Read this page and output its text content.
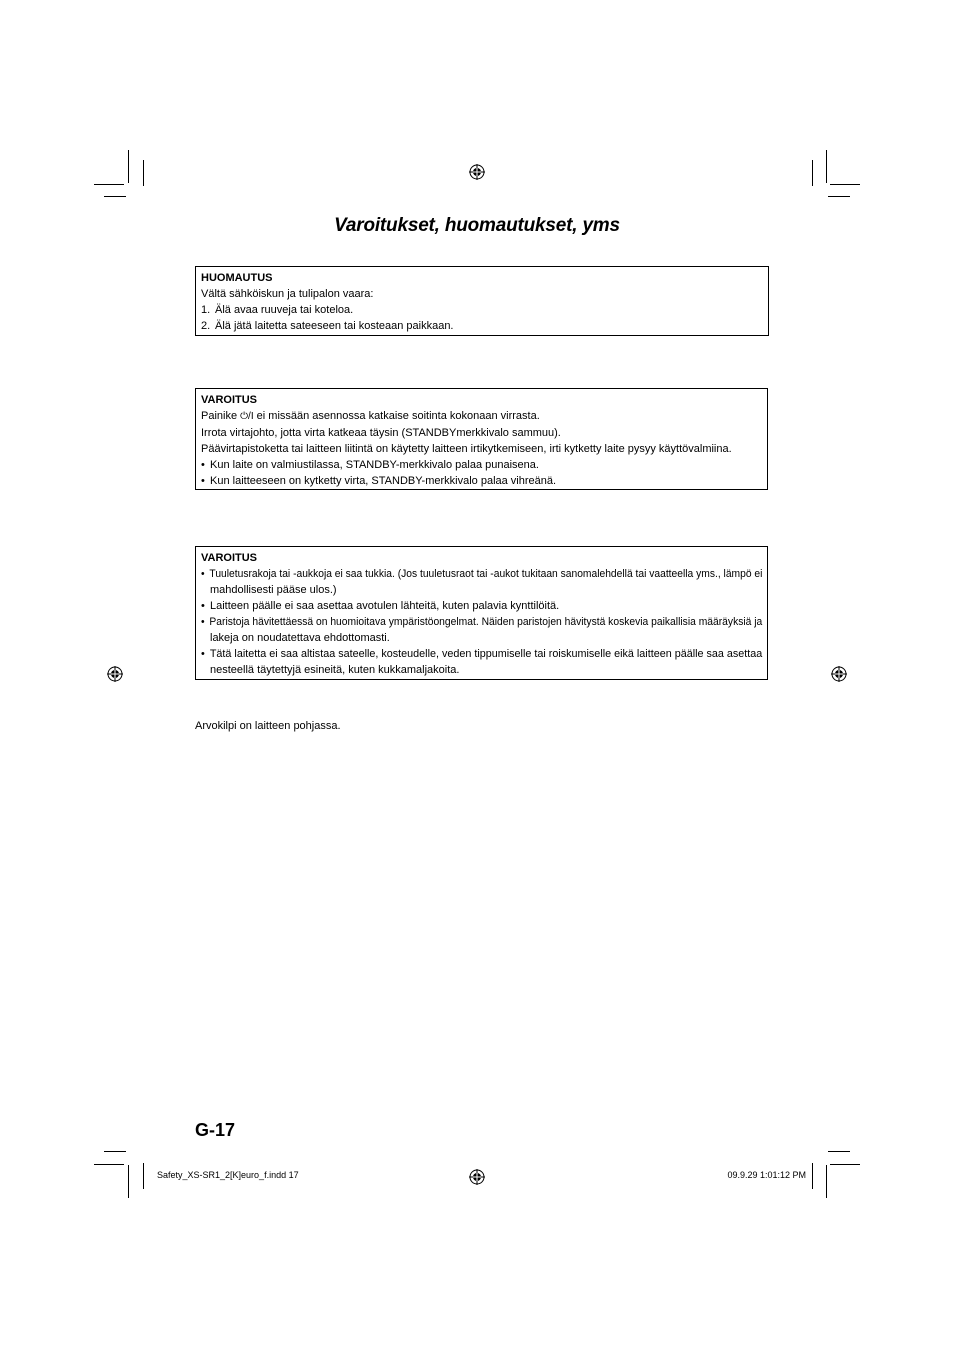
Varoitukset, huomautukset, yms
HUOMAUTUS
Vältä sähköiskun ja tulipalon vaara:
1. Älä avaa ruuveja tai koteloa.
2. Älä jätä laitetta sateeseen tai kosteaan paikkaan.
VAROITUS
Painike ⏻/I ei missään asennossa katkaise soitinta kokonaan virrasta.
Irrota virtajohto, jotta virta katkeaa täysin (STANDBYmerkkivalo sammuu).
Päävirtapistoketta tai laitteen liitintä on käytetty laitteen irtikytkemiseen, irti kytketty laite pysyy käyttövalmiina.
• Kun laite on valmiustilassa, STANDBY-merkkivalo palaa punaisena.
• Kun laitteeseen on kytketty virta, STANDBY-merkkivalo palaa vihreänä.
VAROITUS
• Tuuletusrakoja tai -aukkoja ei saa tukkia. (Jos tuuletusraot tai -aukot tukitaan sanomalehdellä tai vaatteella yms., lämpö ei
mahdollisesti pääse ulos.)
• Laitteen päälle ei saa asettaa avotulen lähteitä, kuten palavia kynttilöitä.
• Paristoja hävitettäessä on huomioitava ympäristöongelmat. Näiden paristojen hävitystä koskevia paikallisia määräyksiä ja
lakeja on noudatettava ehdottomasti.
• Tätä laitetta ei saa altistaa sateelle, kosteudelle, veden tippumiselle tai roiskumiselle eikä laitteen päälle saa asettaa
nesteellä täytettyjä esineitä, kuten kukkamaljakoita.
Arvokilpi on laitteen pohjassa.
G-17
Safety_XS-SR1_2[K]euro_f.indd 17	09.9.29 1:01:12 PM
